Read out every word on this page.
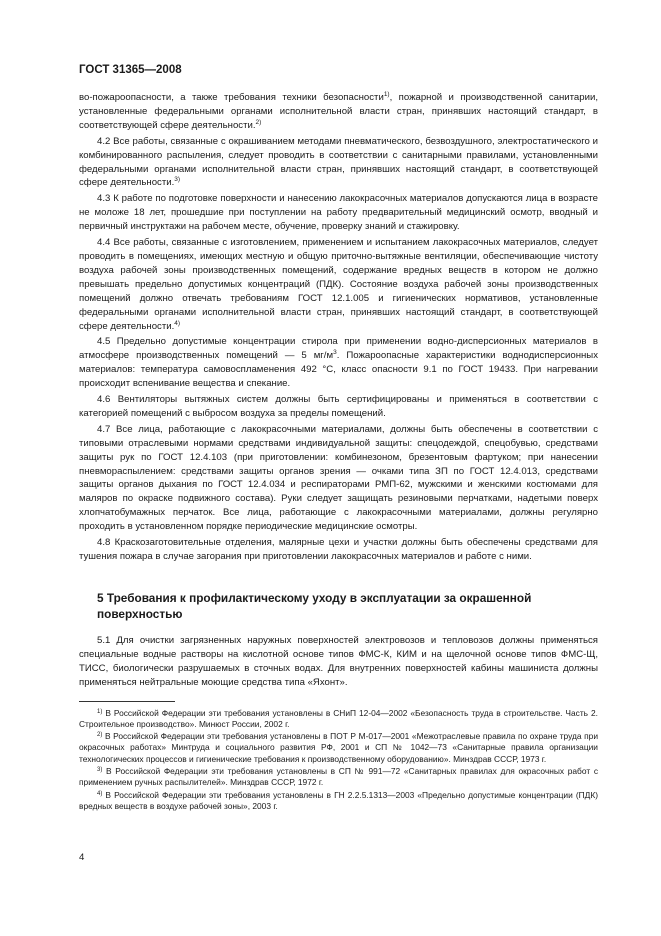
ГОСТ 31365—2008

во-пожароопасности, а также требования техники безопасности$^{1)}$, пожарной и производственной санитарии, установленные федеральными органами исполнительной власти стран, принявших настоящий стандарт, в соответствующей сфере деятельности.$^{2)}$

4.2 Все работы, связанные с окрашиванием методами пневматического, безвоздушного, электростатического и комбинированного распыления, следует проводить в соответствии с санитарными правилами, установленными федеральными органами исполнительной власти стран, принявших настоящий стандарт, в соответствующей сфере деятельности.$^{3)}$

4.3 К работе по подготовке поверхности и нанесению лакокрасочных материалов допускаются лица в возрасте не моложе 18 лет, прошедшие при поступлении на работу предварительный медицинский осмотр, вводный и первичный инструктажи на рабочем месте, обучение, проверку знаний и стажировку.

4.4 Все работы, связанные с изготовлением, применением и испытанием лакокрасочных материалов, следует проводить в помещениях, имеющих местную и общую приточно-вытяжные вентиляции, обеспечивающие чистоту воздуха рабочей зоны производственных помещений, содержание вредных веществ в котором не должно превышать предельно допустимых концентраций (ПДК). Состояние воздуха рабочей зоны производственных помещений должно отвечать требованиям ГОСТ 12.1.005 и гигиенических нормативов, установленные федеральными органами исполнительной власти стран, принявших настоящий стандарт, в соответствующей сфере деятельности.$^{4)}$

4.5 Предельно допустимые концентрации стирола при применении водно-дисперсионных материалов в атмосфере производственных помещений — 5 $мг/м^3$. Пожароопасные характеристики воднодисперсионных материалов: температура самовоспламенения 492 °С, класс опасности 9.1 по ГОСТ 19433. При нагревании происходит вспенивание вещества и спекание.

4.6 Вентиляторы вытяжных систем должны быть сертифицированы и применяться в соответствии с категорией помещений с выбросом воздуха за пределы помещений.

4.7 Все лица, работающие с лакокрасочными материалами, должны быть обеспечены в соответствии с типовыми отраслевыми нормами средствами индивидуальной защиты: спецодеждой, спецобувью, средствами защиты рук по ГОСТ 12.4.103 (при приготовлении: комбинезоном, брезентовым фартуком; при нанесении пневмораспылением: средствами защиты органов зрения — очками типа ЗП по ГОСТ 12.4.013, средствами защиты органов дыхания по ГОСТ 12.4.034 и респираторами РМП-62, мужскими и женскими костюмами для маляров по окраске подвижного состава). Руки следует защищать резиновыми перчатками, надетыми поверх хлопчатобумажных перчаток. Все лица, работающие с лакокрасочными материалами, должны регулярно проходить в установленном порядке периодические медицинские осмотры.

4.8 Краскозаготовительные отделения, малярные цехи и участки должны быть обеспечены средствами для тушения пожара в случае загорания при приготовлении лакокрасочных материалов и работе с ними.

5 Требования к профилактическому уходу в эксплуатации за окрашенной поверхностью

5.1 Для очистки загрязненных наружных поверхностей электровозов и тепловозов должны применяться специальные водные растворы на кислотной основе типов ФМС-К, КИМ и на щелочной основе типов ФМС-Щ, ТИСС, биологически разрушаемых в сточных водах. Для внутренних поверхностей кабины машиниста должны применяться нейтральные моющие средства типа «Яхонт».

$^{1)}$ В Российской Федерации эти требования установлены в СНиП 12-04—2002 «Безопасность труда в строительстве. Часть 2. Строительное производство». Минюст России, 2002 г.

$^{2)}$ В Российской Федерации эти требования установлены в ПОТ Р М-017—2001 «Межотраслевые правила по охране труда при окрасочных работах» Минтруда и социального развития РФ, 2001 и СП № 1042—73 «Санитарные правила организации технологических процессов и гигиенические требования к производственному оборудованию». Минздрав СССР, 1973 г.

$^{3)}$ В Российской Федерации эти требования установлены в СП № 991—72 «Санитарных правилах для окрасочных работ с применением ручных распылителей». Минздрав СССР, 1972 г.

$^{4)}$ В Российской Федерации эти требования установлены в ГН 2.2.5.1313—2003 «Предельно допустимые концентрации (ПДК) вредных веществ в воздухе рабочей зоны», 2003 г.

4
